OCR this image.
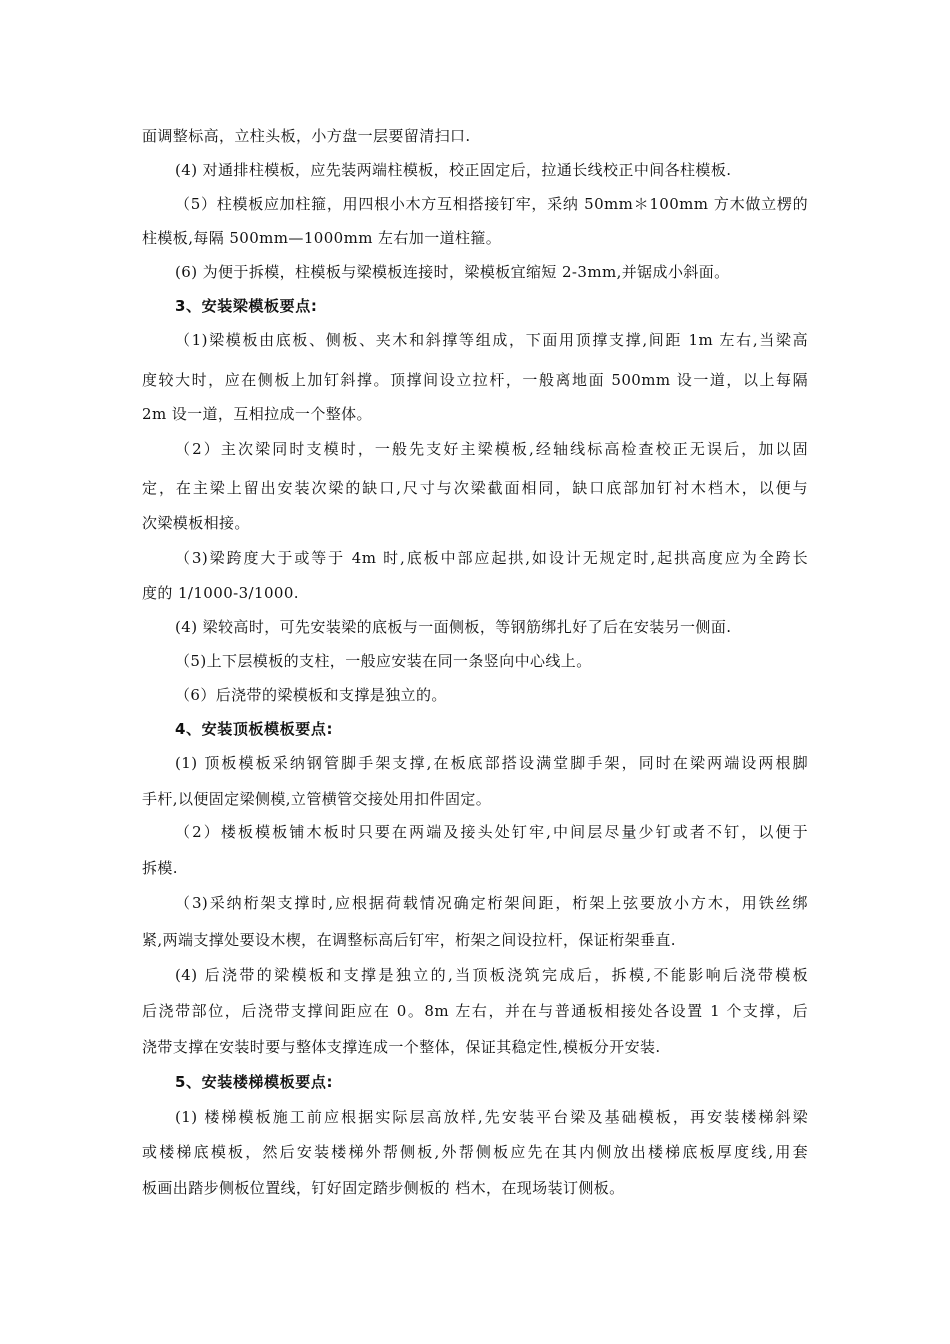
面调整标高，立柱头板，小方盘一层要留清扫口.
(4) 对通排柱模板，应先装两端柱模板，校正固定后，拉通长线校正中间各柱模板.
（5）柱模板应加柱箍，用四根小木方互相搭接钉牢，采纳 50mm＊100mm 方木做立楞的
柱模板,每隔 500mm—1000mm 左右加一道柱箍。
(6) 为便于拆模，柱模板与梁模板连接时，梁模板宜缩短 2-3mm,并锯成小斜面。
3、安装梁模板要点:
（1)梁模板由底板、侧板、夹木和斜撑等组成，下面用顶撑支撑,间距 1m 左右,当梁高
度较大时，应在侧板上加钉斜撑。顶撑间设立拉杆，一般离地面 500mm 设一道，以上每隔
2m 设一道，互相拉成一个整体。
（2）主次梁同时支模时，一般先支好主梁模板,经轴线标高检查校正无误后，加以固
定，在主梁上留出安装次梁的缺口,尺寸与次梁截面相同，缺口底部加钉衬木档木，以便与
次梁模板相接。
（3)梁跨度大于或等于 4m 时,底板中部应起拱,如设计无规定时,起拱高度应为全跨长
度的 1/1000-3/1000.
(4) 梁较高时，可先安装梁的底板与一面侧板，等钢筋绑扎好了后在安装另一侧面.
（5)上下层模板的支柱，一般应安装在同一条竖向中心线上。
（6）后浇带的梁模板和支撑是独立的。
4、安装顶板模板要点:
(1) 顶板模板采纳钢管脚手架支撑,在板底部搭设满堂脚手架，同时在梁两端设两根脚
手杆,以便固定梁侧模,立管横管交接处用扣件固定。
（2）楼板模板铺木板时只要在两端及接头处钉牢,中间层尽量少钉或者不钉，以便于
拆模.
（3)采纳桁架支撑时,应根据荷载情况确定桁架间距，桁架上弦要放小方木，用铁丝绑
紧,两端支撑处要设木楔，在调整标高后钉牢，桁架之间设拉杆，保证桁架垂直.
(4) 后浇带的梁模板和支撑是独立的,当顶板浇筑完成后，拆模,不能影响后浇带模板
后浇带部位，后浇带支撑间距应在 0。8m 左右，并在与普通板相接处各设置 1 个支撑，后
浇带支撑在安装时要与整体支撑连成一个整体，保证其稳定性,模板分开安装.
5、安装楼梯模板要点:
(1) 楼梯模板施工前应根据实际层高放样,先安装平台梁及基础模板，再安装楼梯斜梁
或楼梯底模板，然后安装楼梯外帮侧板,外帮侧板应先在其内侧放出楼梯底板厚度线,用套
板画出踏步侧板位置线，钉好固定踏步侧板的 档木，在现场装订侧板。
